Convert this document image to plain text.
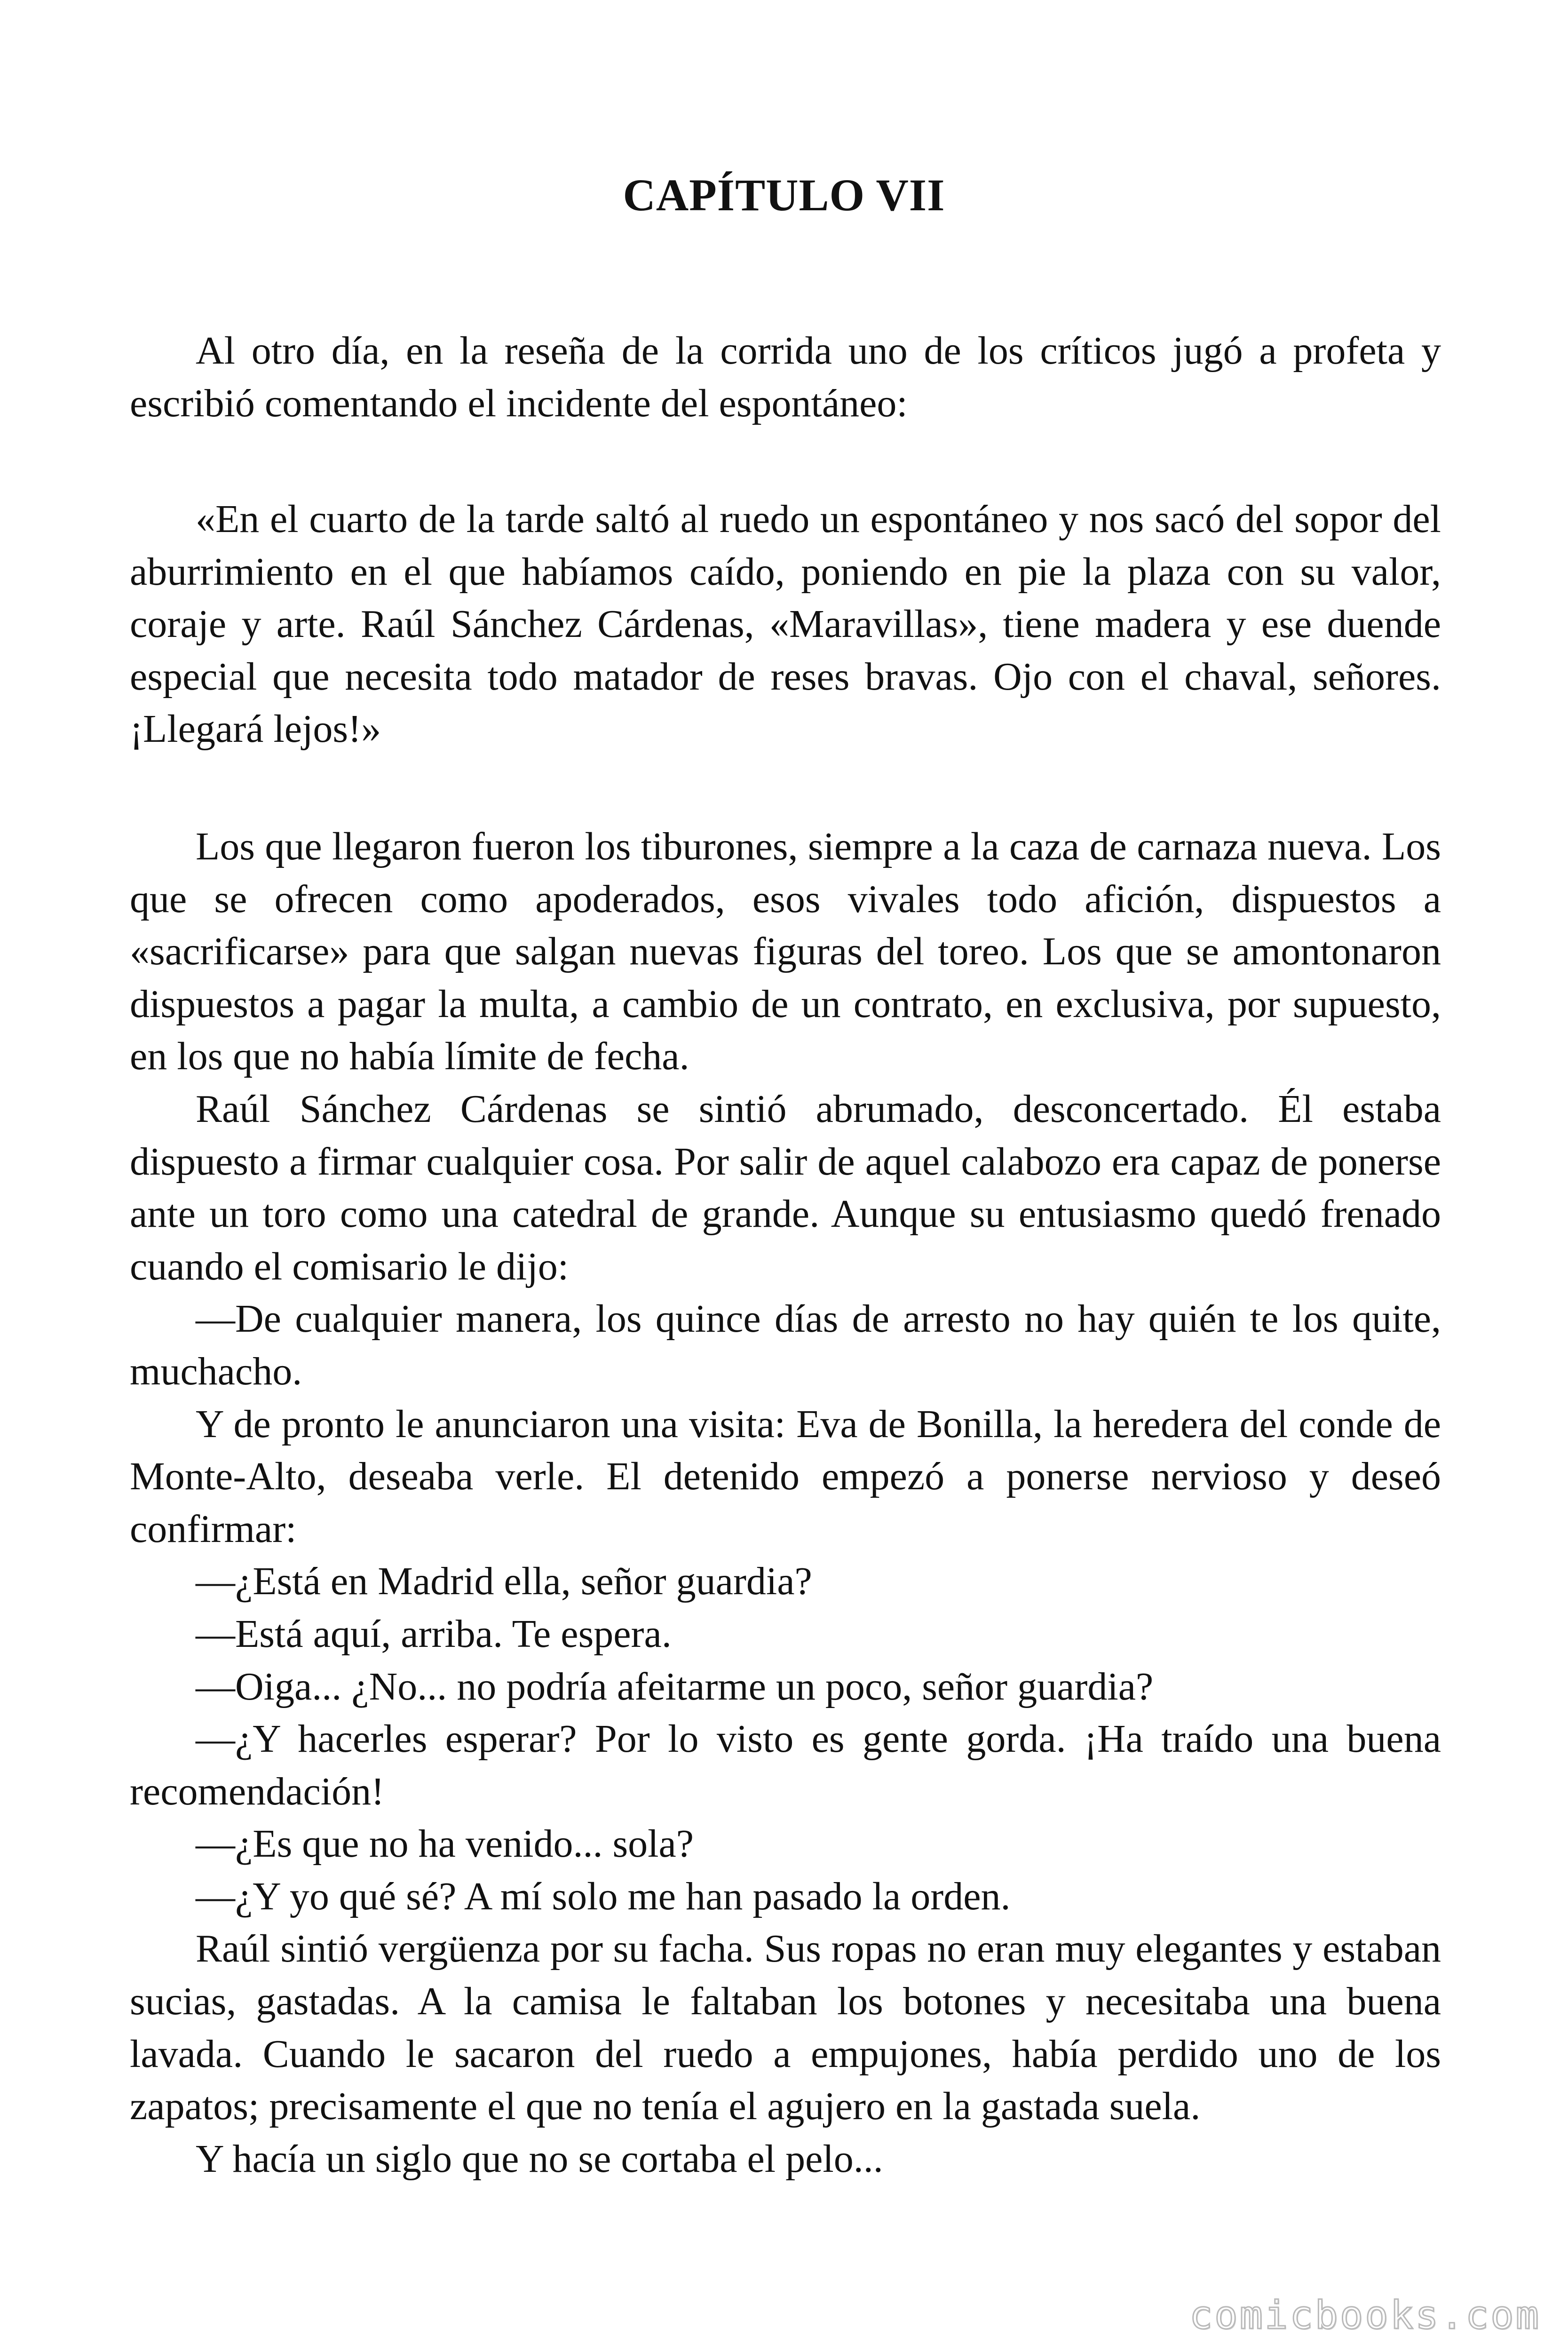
CAPÍTULO VII

Al otro día, en la reseña de la corrida uno de los críticos jugó a profeta y escribió comentando el incidente del espontáneo:

«En el cuarto de la tarde saltó al ruedo un espontáneo y nos sacó del sopor del aburrimiento en el que habíamos caído, poniendo en pie la plaza con su valor, coraje y arte. Raúl Sánchez Cárdenas, «Maravillas», tiene madera y ese duende especial que necesita todo matador de reses bravas. Ojo con el chaval, señores. ¡Llegará lejos!»

Los que llegaron fueron los tiburones, siempre a la caza de carnaza nueva. Los que se ofrecen como apoderados, esos vivales todo afición, dispuestos a «sacrificarse» para que salgan nuevas figuras del toreo. Los que se amontonaron dispuestos a pagar la multa, a cambio de un contrato, en exclusiva, por supuesto, en los que no había límite de fecha.

Raúl Sánchez Cárdenas se sintió abrumado, desconcertado. Él estaba dispuesto a firmar cualquier cosa. Por salir de aquel calabozo era capaz de ponerse ante un toro como una catedral de grande. Aunque su entusiasmo quedó frenado cuando el comisario le dijo:

—De cualquier manera, los quince días de arresto no hay quién te los quite, muchacho.

Y de pronto le anunciaron una visita: Eva de Bonilla, la heredera del conde de Monte-Alto, deseaba verle. El detenido empezó a ponerse nervioso y deseó confirmar:

—¿Está en Madrid ella, señor guardia?

—Está aquí, arriba. Te espera.

—Oiga... ¿No... no podría afeitarme un poco, señor guardia?

—¿Y hacerles esperar? Por lo visto es gente gorda. ¡Ha traído una buena recomendación!

—¿Es que no ha venido... sola?

—¿Y yo qué sé? A mí solo me han pasado la orden.

Raúl sintió vergüenza por su facha. Sus ropas no eran muy elegantes y estaban sucias, gastadas. A la camisa le faltaban los botones y necesitaba una buena lavada. Cuando le sacaron del ruedo a empujones, había perdido uno de los zapatos; precisamente el que no tenía el agujero en la gastada suela.

Y hacía un siglo que no se cortaba el pelo...

comicbooks.com
